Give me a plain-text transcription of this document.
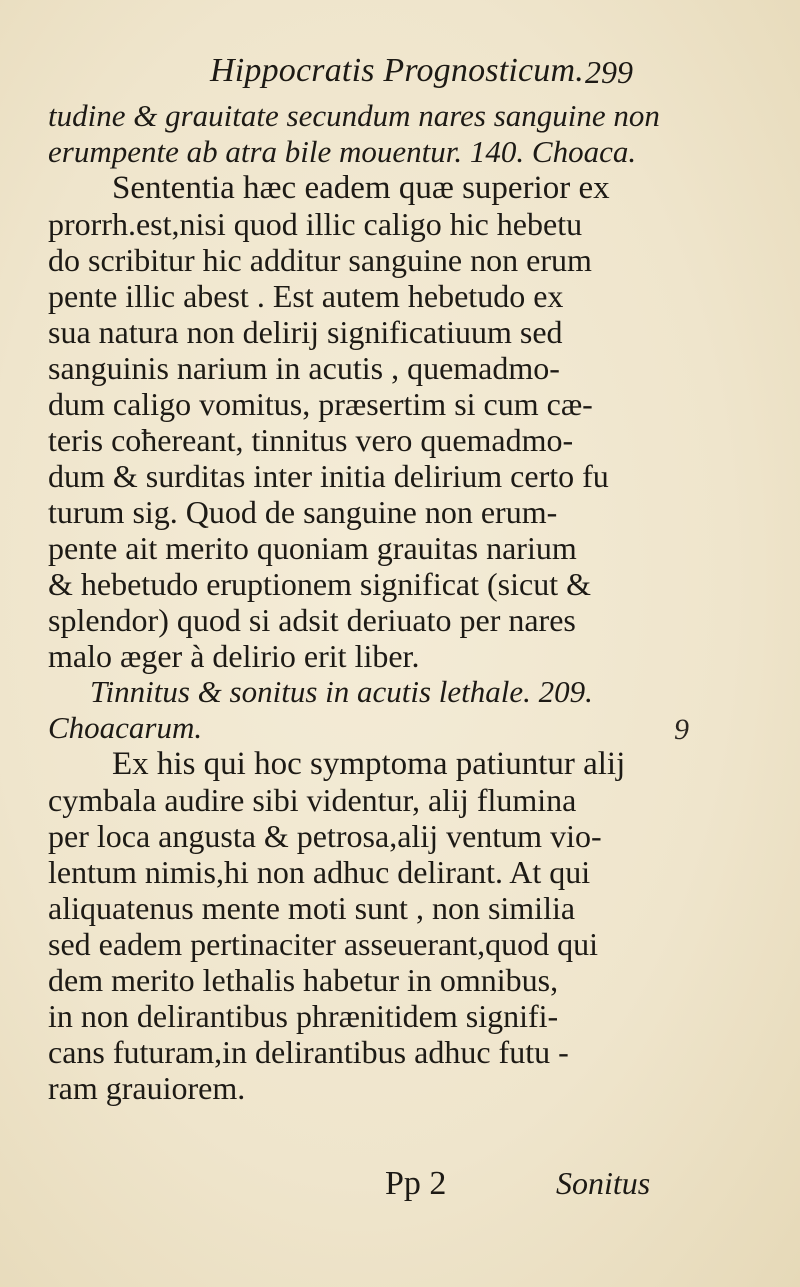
Hippocratis Prognosticum. 299
tudine & grauitate secundum nares sanguine non
erumpente ab atra bile mouentur. 140. Choaca.
Sententia hæc eadem quæ superior ex
prorrh.est,nisi quod illic caligo hic hebetu
do scribitur hic additur sanguine non erum
pente illic abest . Est autem hebetudo ex
sua natura non delirij significatiuum sed
sanguinis narium in acutis , quemadmo-
dum caligo vomitus, præsertim si cum cæ-
teris coħereant, tinnitus vero quemadmo-
dum & surditas inter initia delirium certo fu
turum sig. Quod de sanguine non erum-
pente ait merito quoniam grauitas narium
& hebetudo eruptionem significat (sicut &
splendor) quod si adsit deriuato per nares
malo æger à delirio erit liber.
Tinnitus & sonitus in acutis lethale. 209.
Choacarum.
Ex his qui hoc symptoma patiuntur alij
cymbala audire sibi videntur, alij flumina
per loca angusta & petrosa,alij ventum vio-
lentum nimis,hi non adhuc delirant. At qui
aliquatenus mente moti sunt , non similia
sed eadem pertinaciter asseuerant,quod qui
dem merito lethalis habetur in omnibus,
in non delirantibus phrænitidem signifi-
cans futuram,in delirantibus adhuc futu -
ram grauiorem.
9
Pp 2	Sonitus
